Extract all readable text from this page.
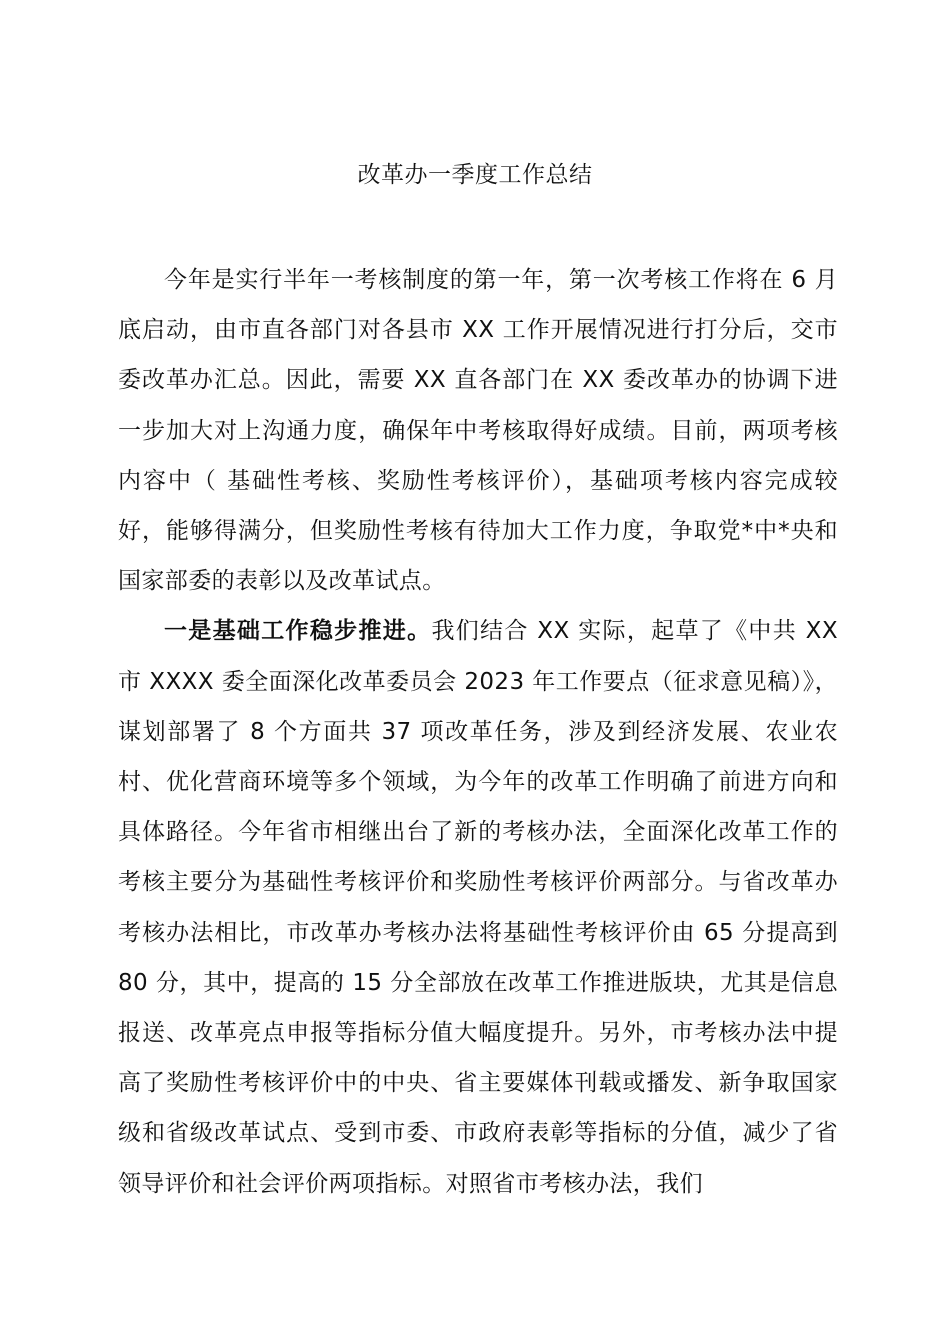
改革办一季度工作总结

今年是实行半年一考核制度的第一年，第一次考核工作将在 6 月底启动，由市直各部门对各县市 XX 工作开展情况进行打分后，交市委改革办汇总。因此，需要 XX 直各部门在 XX 委改革办的协调下进一步加大对上沟通力度，确保年中考核取得好成绩。目前，两项考核内容中（ 基础性考核、奖励性考核评价），基础项考核内容完成较好，能够得满分，但奖励性考核有待加大工作力度，争取党*中*央和国家部委的表彰以及改革试点。

一是基础工作稳步推进。我们结合 XX 实际，起草了《中共 XX 市 XXXX 委全面深化改革委员会 2023 年工作要点（征求意见稿）》，谋划部署了 8 个方面共 37 项改革任务，涉及到经济发展、农业农村、优化营商环境等多个领域，为今年的改革工作明确了前进方向和具体路径。今年省市相继出台了新的考核办法，全面深化改革工作的考核主要分为基础性考核评价和奖励性考核评价两部分。与省改革办考核办法相比，市改革办考核办法将基础性考核评价由 65 分提高到 80 分，其中，提高的 15 分全部放在改革工作推进版块，尤其是信息报送、改革亮点申报等指标分值大幅度提升。另外，市考核办法中提高了奖励性考核评价中的中央、省主要媒体刊载或播发、新争取国家级和省级改革试点、受到市委、市政府表彰等指标的分值，减少了省领导评价和社会评价两项指标。对照省市考核办法，我们
